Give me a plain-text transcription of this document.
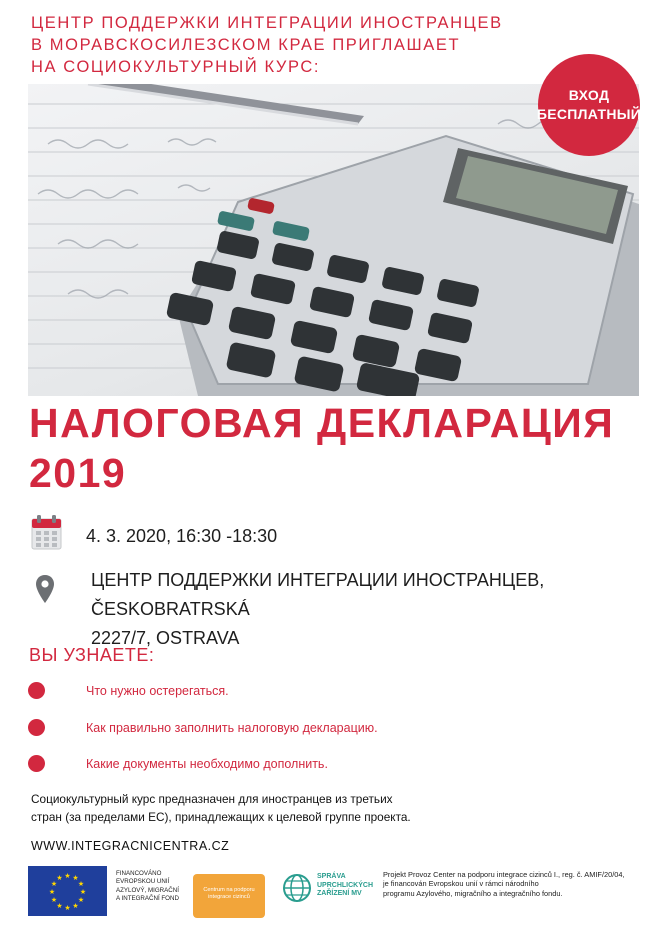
ЦЕНТР ПОДДЕРЖКИ ИНТЕГРАЦИИ ИНОСТРАНЦЕВ
В МОРАВСКОСИЛЕЗСКОМ КРАЕ ПРИГЛАШАЕТ
НА СОЦИОКУЛЬТУРНЫЙ КУРС:
ВХОД
БЕСПЛАТНЫЙ
НАЛОГОВАЯ ДЕКЛАРАЦИЯ
2019
4. 3. 2020, 16:30 -18:30
ЦЕНТР ПОДДЕРЖКИ ИНТЕГРАЦИИ ИНОСТРАНЦЕВ, ČESKOBRATRSKÁ
2227/7, OSTRAVA
ВЫ УЗНАЕТЕ:
Что нужно остерегаться.
Как правильно заполнить налоговую декларацию.
Какие документы необходимо дополнить.
Социокультурный курс предназначен для иностранцев из третьих
стран (за пределами ЕС), принадлежащих к целевой группе проекта.
WWW.INTEGRACNICENTRA.CZ
★ ★
★
★
★
★
★
★
★
★
★
★
FINANCOVÁNO
EVROPSKOU UNIÍ
AZYLOVÝ, MIGRAČNÍ
A INTEGRAČNÍ FOND
Centrum na podporu
integrace cizinců
SPRÁVA
UPRCHLICKÝCH
ZAŘÍZENÍ MV
Projekt Provoz Center na podporu integrace cizinců I., reg. č. AMIF/20/04,
je financován Evropskou unií v rámci národního
programu Azylového, migračního a integračního fondu.
